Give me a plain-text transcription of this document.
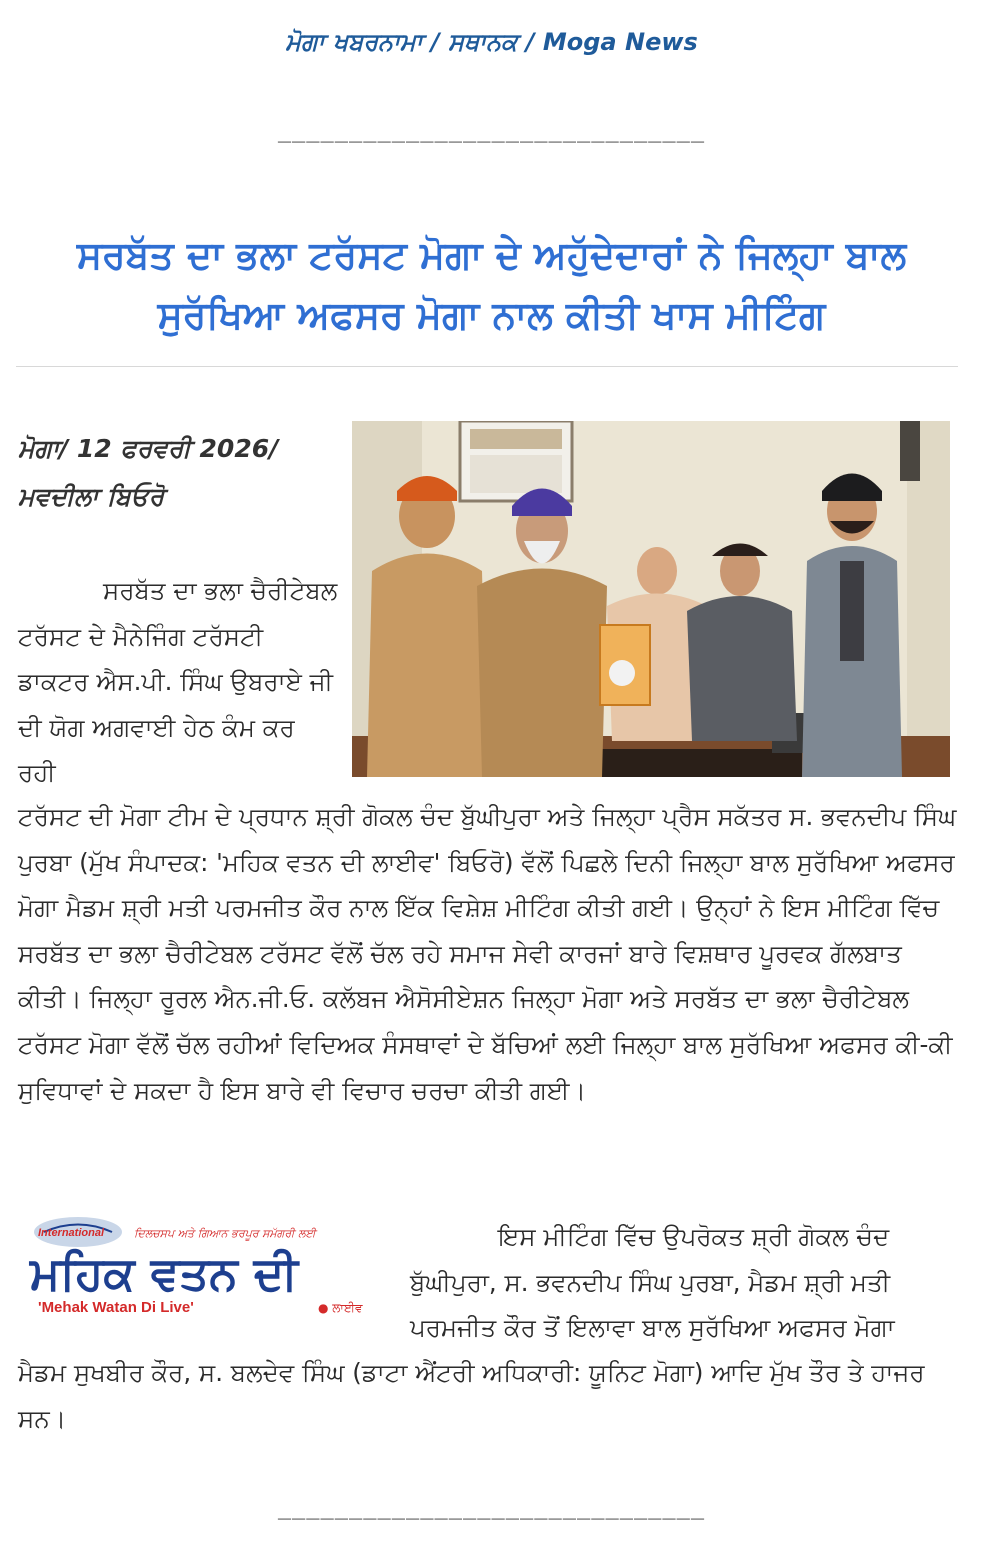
ਮੋਗਾ ਖਬਰਨਾਮਾ / ਸਥਾਨਕ / Moga News
______________________________
ਸਰਬੱਤ ਦਾ ਭਲਾ ਟਰੱਸਟ ਮੋਗਾ ਦੇ ਅਹੁੱਦੇਦਾਰਾਂ ਨੇ ਜਿਲ੍ਹਾ ਬਾਲ ਸੁਰੱਖਿਆ ਅਫਸਰ ਮੋਗਾ ਨਾਲ ਕੀਤੀ ਖਾਸ ਮੀਟਿੰਗ
ਮੋਗਾ/ 12 ਫਰਵਰੀ 2026/ ਮਵਦੀਲਾ ਬਿਓਰੋ
ਸਰਬੱਤ ਦਾ ਭਲਾ ਚੈਰੀਟੇਬਲ ਟਰੱਸਟ ਦੇ ਮੈਨੇਜਿੰਗ ਟਰੱਸਟੀ ਡਾਕਟਰ ਐਸ.ਪੀ. ਸਿੰਘ ਉਬਰਾਏ ਜੀ ਦੀ ਯੋਗ ਅਗਵਾਈ ਹੇਠ ਕੰਮ ਕਰ ਰਹੀ
ਟਰੱਸਟ ਦੀ ਮੋਗਾ ਟੀਮ ਦੇ ਪ੍ਰਧਾਨ ਸ਼੍ਰੀ ਗੋਕਲ ਚੰਦ ਬੁੱਘੀਪੁਰਾ ਅਤੇ ਜਿਲ੍ਹਾ ਪ੍ਰੈਸ ਸਕੱਤਰ ਸ. ਭਵਨਦੀਪ ਸਿੰਘ ਪੁਰਬਾ (ਮੁੱਖ ਸੰਪਾਦਕ: 'ਮਹਿਕ ਵਤਨ ਦੀ ਲਾਈਵ' ਬਿਓਰੋ) ਵੱਲੋਂ ਪਿਛਲੇ ਦਿਨੀ ਜਿਲ੍ਹਾ ਬਾਲ ਸੁਰੱਖਿਆ ਅਫਸਰ ਮੋਗਾ ਮੈਡਮ ਸ਼੍ਰੀ ਮਤੀ ਪਰਮਜੀਤ ਕੌਰ ਨਾਲ ਇੱਕ ਵਿਸ਼ੇਸ਼ ਮੀਟਿੰਗ ਕੀਤੀ ਗਈ। ਉਨ੍ਹਾਂ ਨੇ ਇਸ ਮੀਟਿੰਗ ਵਿੱਚ ਸਰਬੱਤ ਦਾ ਭਲਾ ਚੈਰੀਟੇਬਲ ਟਰੱਸਟ ਵੱਲੋਂ ਚੱਲ ਰਹੇ ਸਮਾਜ ਸੇਵੀ ਕਾਰਜਾਂ ਬਾਰੇ ਵਿਸ਼ਥਾਰ ਪੂਰਵਕ ਗੱਲਬਾਤ ਕੀਤੀ। ਜਿਲ੍ਹਾ ਰੂਰਲ ਐਨ.ਜੀ.ਓ. ਕਲੱਬਜ ਐਸੋਸੀਏਸ਼ਨ ਜਿਲ੍ਹਾ ਮੋਗਾ ਅਤੇ ਸਰਬੱਤ ਦਾ ਭਲਾ ਚੈਰੀਟੇਬਲ ਟਰੱਸਟ ਮੋਗਾ ਵੱਲੋਂ ਚੱਲ ਰਹੀਆਂ ਵਿਦਿਅਕ ਸੰਸਥਾਵਾਂ ਦੇ ਬੱਚਿਆਂ ਲਈ ਜਿਲ੍ਹਾ ਬਾਲ ਸੁਰੱਖਿਆ ਅਫਸਰ ਕੀ-ਕੀ ਸੁਵਿਧਾਵਾਂ ਦੇ ਸਕਦਾ ਹੈ ਇਸ ਬਾਰੇ ਵੀ ਵਿਚਾਰ ਚਰਚਾ ਕੀਤੀ ਗਈ।
International	ਦਿਲਚਸਪ ਅਤੇ ਗਿਆਨ ਭਰਪੂਰ ਸਮੱਗਰੀ ਲਈ
ਮਹਿਕ ਵਤਨ ਦੀ
'Mehak Watan Di Live'	● ਲਾਈਵ
ਇਸ ਮੀਟਿੰਗ ਵਿੱਚ ਉਪਰੋਕਤ ਸ਼੍ਰੀ ਗੋਕਲ ਚੰਦ ਬੁੱਘੀਪੁਰਾ, ਸ. ਭਵਨਦੀਪ ਸਿੰਘ ਪੁਰਬਾ, ਮੈਡਮ ਸ਼੍ਰੀ ਮਤੀ ਪਰਮਜੀਤ ਕੌਰ ਤੋਂ ਇਲਾਵਾ ਬਾਲ ਸੁਰੱਖਿਆ ਅਫਸਰ ਮੋਗਾ
ਮੈਡਮ ਸੁਖਬੀਰ ਕੌਰ, ਸ. ਬਲਦੇਵ ਸਿੰਘ (ਡਾਟਾ ਐਂਟਰੀ ਅਧਿਕਾਰੀ: ਯੂਨਿਟ ਮੋਗਾ) ਆਦਿ ਮੁੱਖ ਤੌਰ ਤੇ ਹਾਜਰ ਸਨ।
______________________________
